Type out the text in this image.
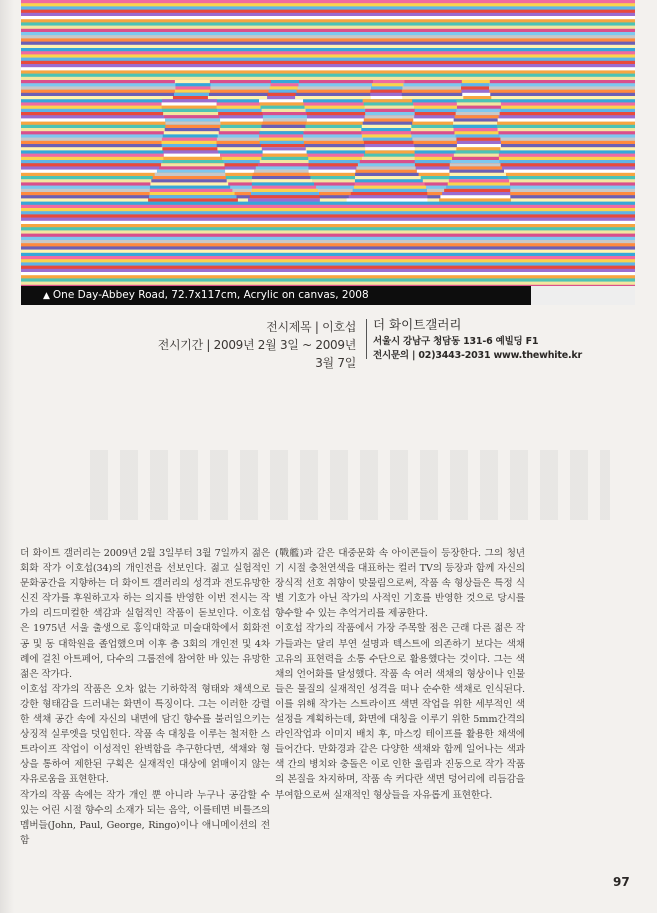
▲ One Day-Abbey Road, 72.7x117cm, Acrylic on canvas, 2008
전시제목 | 이호섭
전시기간 | 2009년 2월 3일 ~ 2009년 3월 7일
더 화이트갤러리
서울시 강남구 청담동 131-6 예빌딩 F1
전시문의 | 02)3443-2031 www.thewhite.kr

더 화이트 갤러리는 2009년 2월 3일부터 3월 7일까지 젊은 회화 작가 이호섭(34)의 개인전을 선보인다. 젊고 실험적인 문화공간을 지향하는 더 화이트 갤러리의 성격과 전도유망한 신진 작가를 후원하고자 하는 의지를 반영한 이번 전시는 작가의 리드미컬한 색감과 실험적인 작품이 돋보인다. 이호섭은 1975년 서울 출생으로 홍익대학교 미술대학에서 회화전공 및 동 대학원을 졸업했으며 이후 총 3회의 개인전 및 4차례에 걸친 아트페어, 다수의 그룹전에 참여한 바 있는 유망한 젊은 작가다.

이호섭 작가의 작품은 오차 없는 기하학적 형태와 채색으로 강한 형태감을 드러내는 화면이 특징이다. 그는 이러한 강렬한 색채 공간 속에 자신의 내면에 담긴 향수를 불러일으키는 상징적 실루엣을 덧입힌다. 작품 속 대칭을 이루는 철저한 스트라이프 작업이 이성적인 완벽함을 추구한다면, 색채와 형상을 통하여 제한된 구획은 실재적인 대상에 얽매이지 않는 자유로움을 표현한다.

작가의 작품 속에는 작가 개인 뿐 아니라 누구나 공감할 수 있는 어린 시절 향수의 소재가 되는 음악, 이를테면 비틀즈의 멤버들(John, Paul, George, Ringo)이나 애니메이션의 전함

(戰艦)과 같은 대중문화 속 아이콘들이 등장한다. 그의 청년기 시절 충천연색을 대표하는 컬러 TV의 등장과 함께 자신의 장식적 선호 취향이 맞물림으로써, 작품 속 형상들은 특정 식별 기호가 아닌 작가의 사적인 기호를 반영한 것으로 당시를 향수할 수 있는 추억거리를 제공한다.

이호섭 작가의 작품에서 가장 주목할 점은 근래 다른 젊은 작가들과는 달리 부연 설명과 텍스트에 의존하기 보다는 색채 고유의 표현력을 소통 수단으로 활용했다는 것이다. 그는 색채의 언어화를 달성했다. 작품 속 여러 색채의 형상이나 인물들은 물질의 실재적인 성격을 떠나 순수한 색채로 인식된다. 이를 위해 작가는 스트라이프 색면 작업을 위한 세부적인 색 설정을 계획하는데, 화면에 대칭을 이루기 위한 5mm간격의 라인작업과 이미지 배치 후, 마스킹 테이프를 활용한 채색에 들어간다. 만화경과 같은 다양한 색채와 함께 일어나는 색과 색 간의 병치와 충돌은 이로 인한 울림과 진동으로 작가 작품의 본질을 차지하며, 작품 속 커다란 색면 덩어리에 리듬감을 부여함으로써 실재적인 형상들을 자유롭게 표현한다.

97
